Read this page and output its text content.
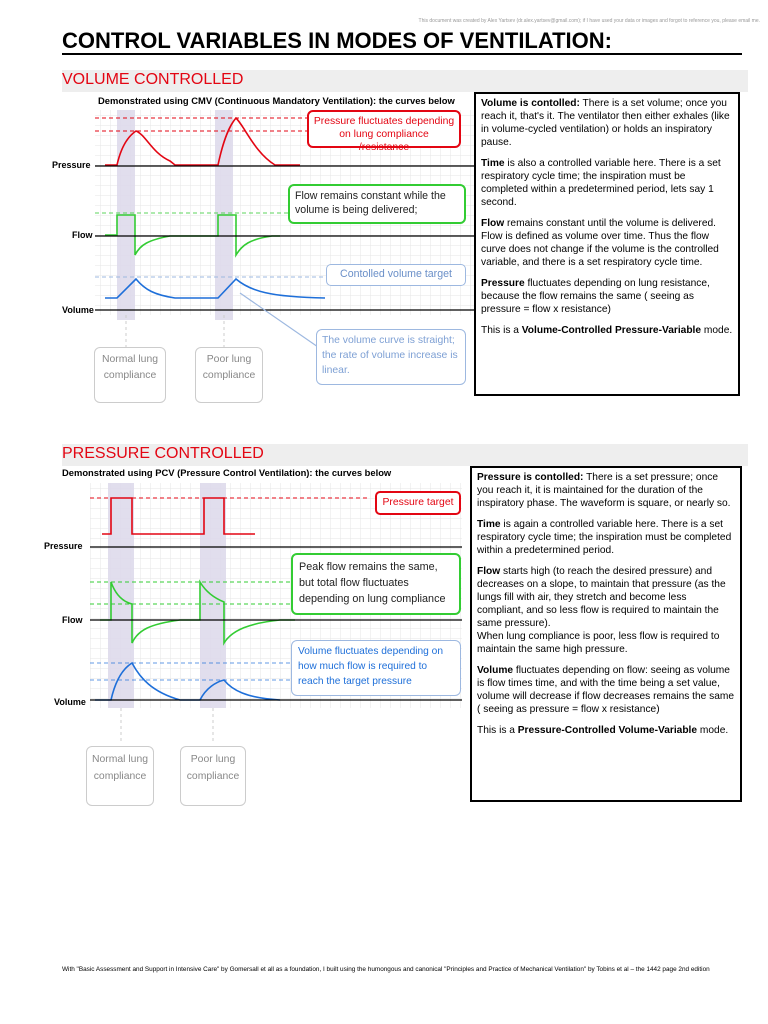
This document was created by Alex Yartsev (dr.alex.yartsev@gmail.com); if I have used your data or images and forgot to reference you, please email me.
CONTROL VARIABLES IN MODES OF VENTILATION:
VOLUME CONTROLLED
Demonstrated using CMV (Continuous Mandatory Ventilation): the curves below
Pressure
Flow
Volume
Pressure fluctuates depending on lung compliance /resistance
Flow remains constant while the volume is being delivered;
Contolled volume target
The volume curve is straight; the rate of volume increase is linear.
Normal lung compliance
Poor lung compliance

Volume is contolled: There is a set volume; once you reach it, that's it. The ventilator then either exhales (like in volume-cycled ventilation) or holds an inspiratory pause.

Time is also a controlled variable here. There is a set respiratory cycle time; the inspiration must be completed within a predetermined period, lets say 1 second.

Flow remains constant until the volume is delivered. Flow is defined as volume over time. Thus the flow curve does not change if the volume is the controlled variable, and there is a set respiratory cycle time.

Pressure fluctuates depending on lung resistance, because the flow remains the same ( seeing as pressure = flow x resistance)

This is a Volume-Controlled Pressure-Variable mode.

PRESSURE CONTROLLED
Demonstrated using PCV (Pressure Control Ventilation): the curves below
Pressure
Flow
Volume
Pressure target
Peak flow remains the same, but total flow fluctuates depending on lung compliance
Volume fluctuates depending on how much flow is required to reach the target pressure
Normal lung compliance
Poor lung compliance

Pressure is contolled: There is a set pressure; once you reach it, it is maintained for the duration of the inspiratory phase. The waveform is square, or nearly so.

Time is again a controlled variable here. There is a set respiratory cycle time; the inspiration must be completed within a predetermined period.

Flow starts high (to reach the desired pressure) and decreases on a slope, to maintain that pressure (as the lungs fill with air, they stretch and become less compliant, and so less flow is required to maintain the same pressure).
When lung compliance is poor, less flow is required to maintain the same high pressure.

Volume fluctuates depending on flow: seeing as volume is flow times time, and with the time being a set value, volume will decrease if flow decreases remains the same ( seeing as pressure = flow x resistance)

This is a Pressure-Controlled Volume-Variable mode.

With "Basic Assessment and Support in Intensive Care" by Gomersall et all as a foundation, I built using the humongous and canonical "Principles and Practice of Mechanical Ventilation" by Tobins et al – the 1442 page 2nd edition
